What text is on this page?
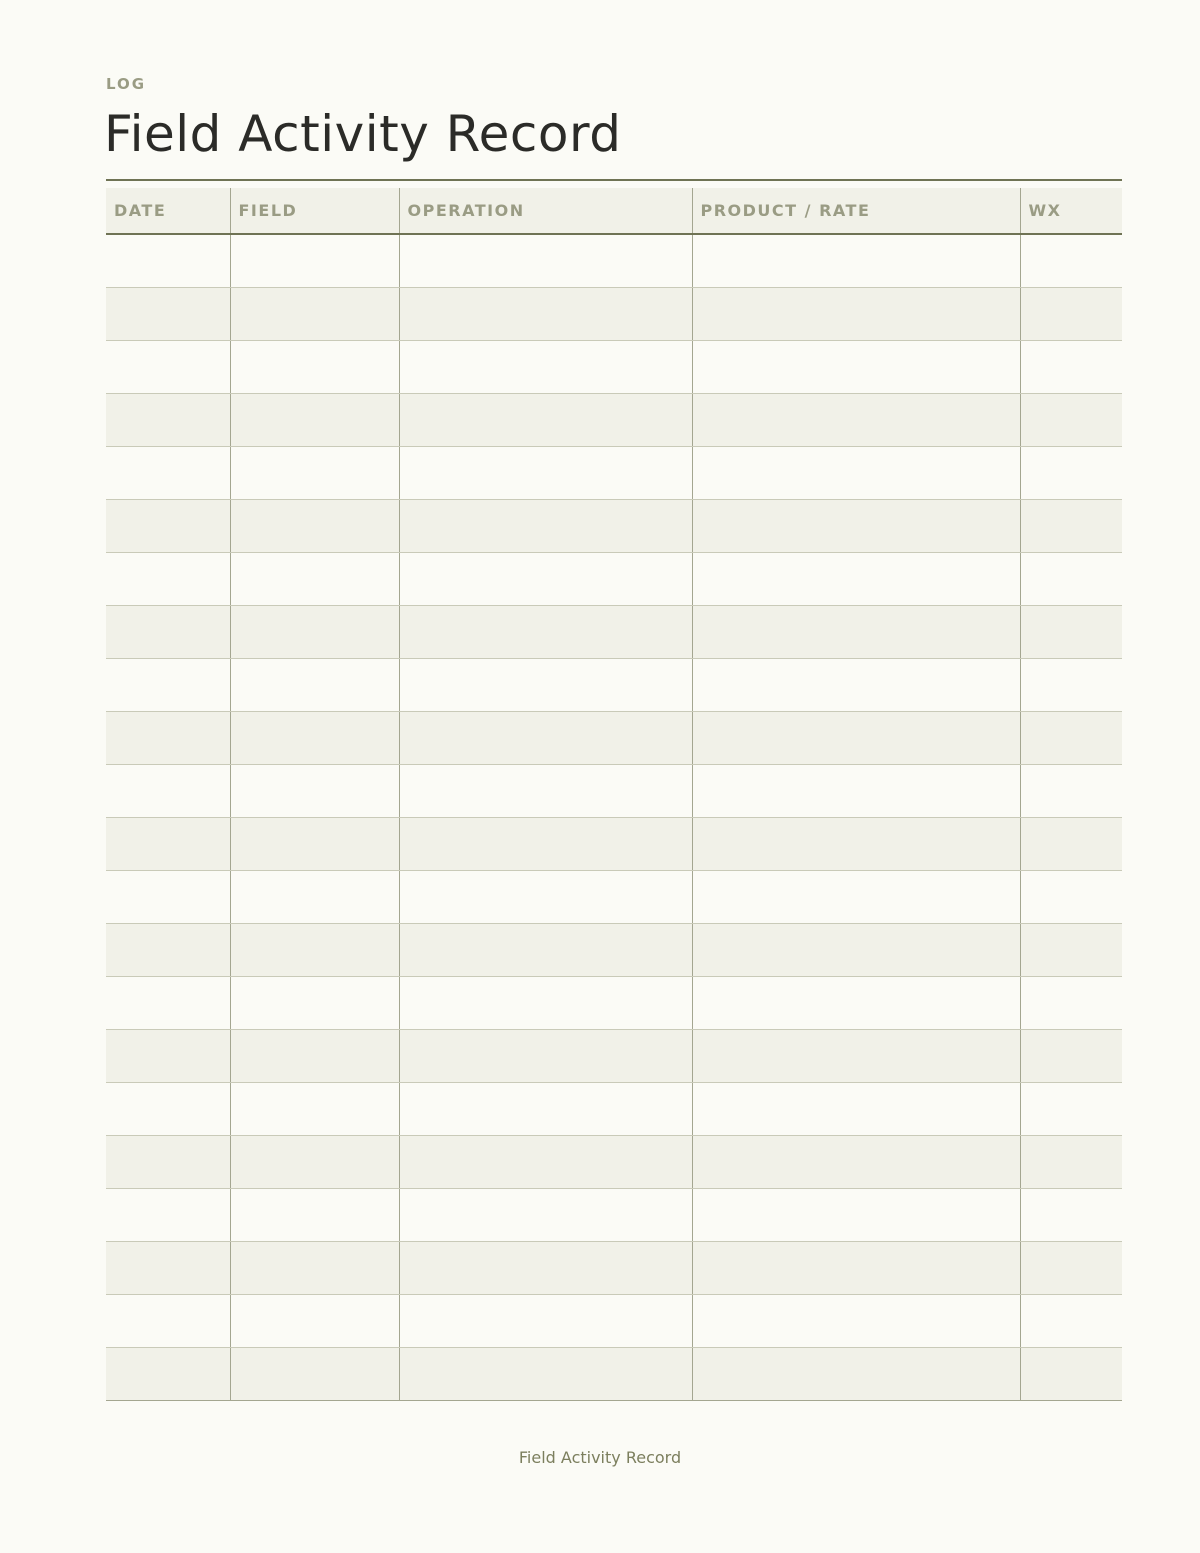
LOG
Field Activity Record
DATE	FIELD	OPERATION	PRODUCT / RATE	WX

Field Activity Record
